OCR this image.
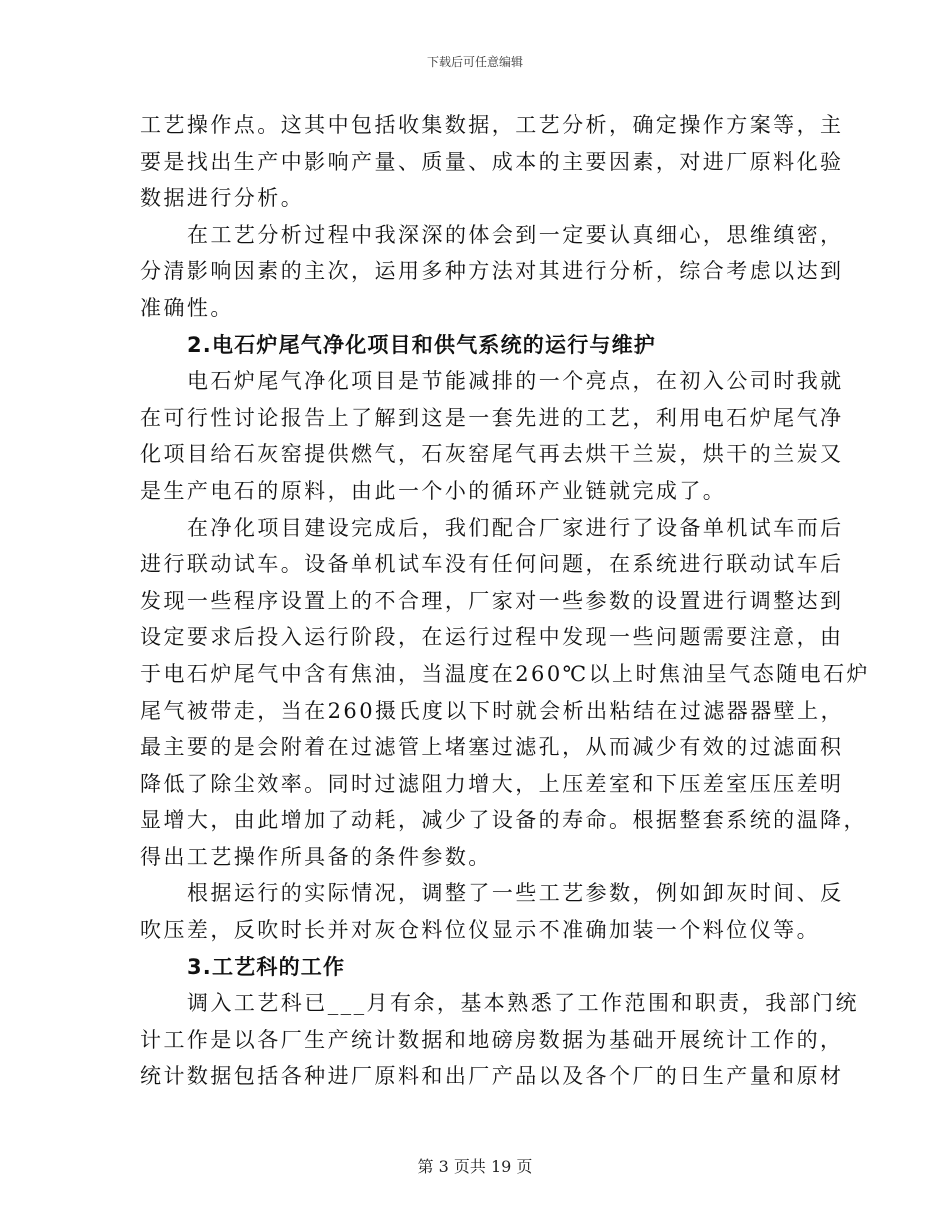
下载后可任意编辑
工艺操作点。这其中包括收集数据，工艺分析，确定操作方案等，主
要是找出生产中影响产量、质量、成本的主要因素，对进厂原料化验
数据进行分析。
在工艺分析过程中我深深的体会到一定要认真细心，思维缜密，
分清影响因素的主次，运用多种方法对其进行分析，综合考虑以达到
准确性。
2.电石炉尾气净化项目和供气系统的运行与维护
电石炉尾气净化项目是节能减排的一个亮点，在初入公司时我就
在可行性讨论报告上了解到这是一套先进的工艺，利用电石炉尾气净
化项目给石灰窑提供燃气，石灰窑尾气再去烘干兰炭，烘干的兰炭又
是生产电石的原料，由此一个小的循环产业链就完成了。
在净化项目建设完成后，我们配合厂家进行了设备单机试车而后
进行联动试车。设备单机试车没有任何问题，在系统进行联动试车后
发现一些程序设置上的不合理，厂家对一些参数的设置进行调整达到
设定要求后投入运行阶段，在运行过程中发现一些问题需要注意，由
于电石炉尾气中含有焦油，当温度在260℃以上时焦油呈气态随电石炉
尾气被带走，当在260摄氏度以下时就会析出粘结在过滤器器壁上，
最主要的是会附着在过滤管上堵塞过滤孔，从而减少有效的过滤面积
降低了除尘效率。同时过滤阻力增大，上压差室和下压差室压压差明
显增大，由此增加了动耗，减少了设备的寿命。根据整套系统的温降，
得出工艺操作所具备的条件参数。
根据运行的实际情况，调整了一些工艺参数，例如卸灰时间、反
吹压差，反吹时长并对灰仓料位仪显示不准确加装一个料位仪等。
3.工艺科的工作
调入工艺科已___月有余，基本熟悉了工作范围和职责，我部门统
计工作是以各厂生产统计数据和地磅房数据为基础开展统计工作的，
统计数据包括各种进厂原料和出厂产品以及各个厂的日生产量和原材
第 3 页共 19 页
